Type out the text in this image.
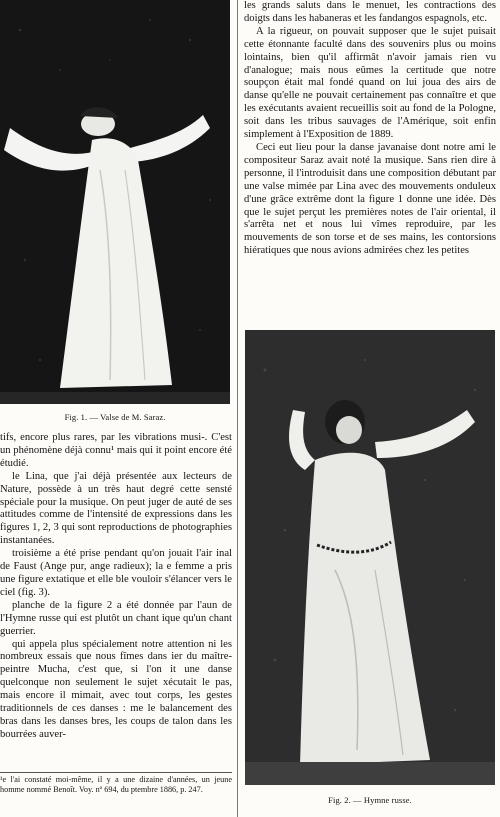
Fig. 1. — Valse de M. Saraz.

tifs, encore plus rares, par les vibrations musi-. C'est un phénomène déjà connu¹ mais qui it point encore été étudié.

le Lina, que j'ai déjà présentée aux lecteurs de Nature, possède à un très haut degré cette sensté spéciale pour la musique. On peut juger de auté de ses attitudes comme de l'intensité de expressions dans les figures 1, 2, 3 qui sont reproductions de photographies instantanées.

troisième a été prise pendant qu'on jouait l'air inal de Faust (Ange pur, ange radieux); la e femme a pris une figure extatique et elle ble vouloir s'élancer vers le ciel (fig. 3).

planche de la figure 2 a été donnée par l'aun de l'Hymne russe qui est plutôt un chant ique qu'un chant guerrier.

qui appela plus spécialement notre attention ni les nombreux essais que nous fîmes dans ier du maître-peintre Mucha, c'est que, si l'on it une danse quelconque non seulement le sujet xécutait le pas, mais encore il mimait, avec tout corps, les gestes traditionnels de ces danses : me le balancement des bras dans les danses bres, les coups de talon dans les bourrées auver-

¹e l'ai constaté moi-même, il y a une dizaine d'années, un jeune homme nommé Benoît. Voy. nº 694, du ptembre 1886, p. 247.

les grands saluts dans le menuet, les contractions des doigts dans les habaneras et les fandangos espagnols, etc.

A la rigueur, on pouvait supposer que le sujet puisait cette étonnante faculté dans des souvenirs plus ou moins lointains, bien qu'il affirmât n'avoir jamais rien vu d'analogue; mais nous eûmes la certitude que notre soupçon était mal fondé quand on lui joua des airs de danse qu'elle ne pouvait certainement pas connaître et que les exécutants avaient recueillis soit au fond de la Pologne, soit dans les tribus sauvages de l'Amérique, soit enfin simplement à l'Exposition de 1889.

Ceci eut lieu pour la danse javanaise dont notre ami le compositeur Saraz avait noté la musique. Sans rien dire à personne, il l'introduisit dans une composition débutant par une valse mimée par Lina avec des mouvements onduleux d'une grâce extrême dont la figure 1 donne une idée. Dès que le sujet perçut les premières notes de l'air oriental, il s'arrêta net et nous lui vîmes reproduire, par les mouvements de son torse et de ses mains, les contorsions hiératiques que nous avions admirées chez les petites

Fig. 2. — Hymne russe.
